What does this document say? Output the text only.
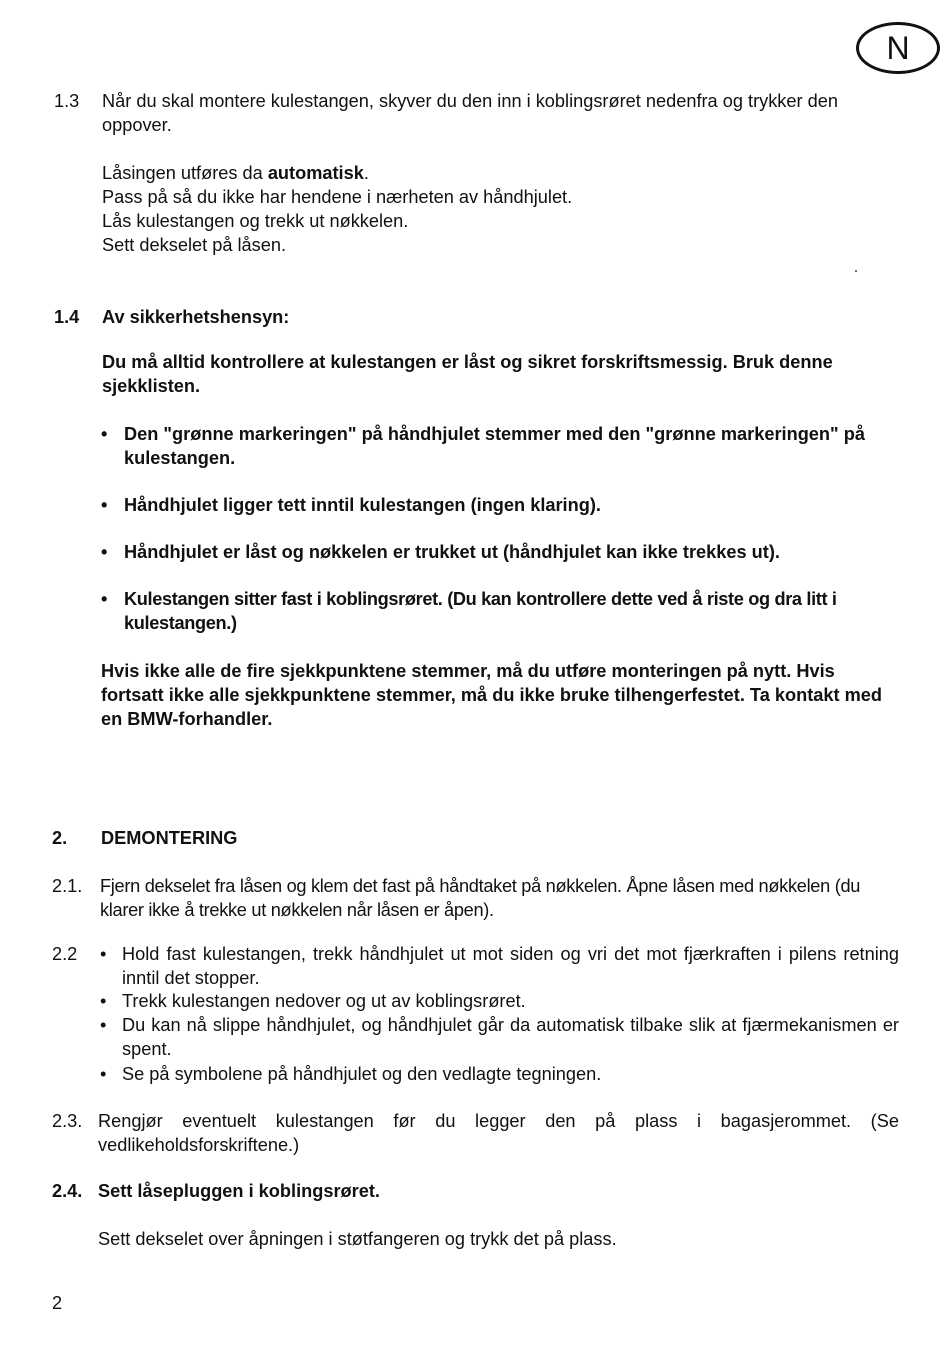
N
1.3 Når du skal montere kulestangen, skyver du den inn i koblingsrøret nedenfra og trykker den oppover.

Låsingen utføres da automatisk.

Pass på så du ikke har hendene i nærheten av håndhjulet.

Lås kulestangen og trekk ut nøkkelen.

Sett dekselet på låsen.

1.4 Av sikkerhetshensyn:
Du må alltid kontrollere at kulestangen er låst og sikret forskriftsmessig. Bruk denne sjekklisten.
• Den "grønne markeringen" på håndhjulet stemmer med den "grønne markeringen" på kulestangen.
• Håndhjulet ligger tett inntil kulestangen (ingen klaring).
• Håndhjulet er låst og nøkkelen er trukket ut (håndhjulet kan ikke trekkes ut).
• Kulestangen sitter fast i koblingsrøret. (Du kan kontrollere dette ved å riste og dra litt i kulestangen.)
Hvis ikke alle de fire sjekkpunktene stemmer, må du utføre monteringen på nytt. Hvis fortsatt ikke alle sjekkpunktene stemmer, må du ikke bruke tilhengerfestet. Ta kontakt med en BMW-forhandler.
2. DEMONTERING
2.1. Fjern dekselet fra låsen og klem det fast på håndtaket på nøkkelen. Åpne låsen med nøkkelen (du klarer ikke å trekke ut nøkkelen når låsen er åpen).
2.2 • Hold fast kulestangen, trekk håndhjulet ut mot siden og vri det mot fjærkraften i pilens retning inntil det stopper.
• Trekk kulestangen nedover og ut av koblingsrøret.
• Du kan nå slippe håndhjulet, og håndhjulet går da automatisk tilbake slik at fjærmekanismen er spent.
• Se på symbolene på håndhjulet og den vedlagte tegningen.
2.3. Rengjør eventuelt kulestangen før du legger den på plass i bagasjerommet. (Se vedlikeholdsforskriftene.)
2.4. Sett låsepluggen i koblingsrøret.
Sett dekselet over åpningen i støtfangeren og trykk det på plass.
2
